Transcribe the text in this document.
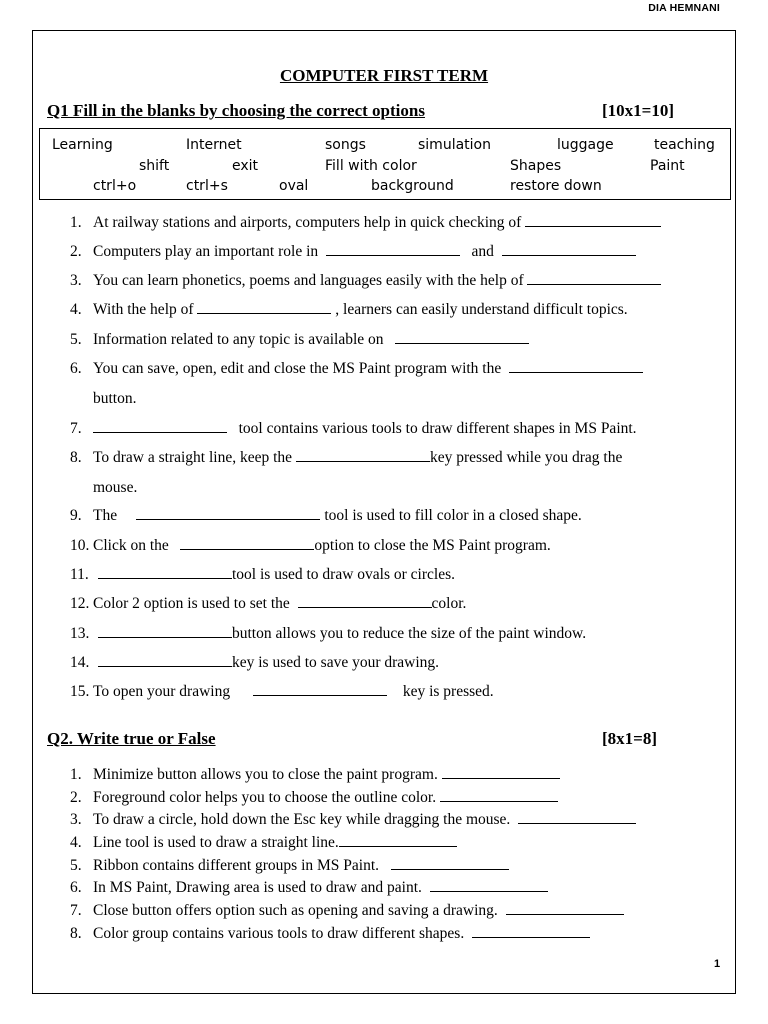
DIA HEMNANI
COMPUTER FIRST TERM
Q1 Fill in the blanks by choosing the correct options	[10x1=10]
Learning	Internet	songs	simulation	luggage	teaching
shift	exit	Fill with color	Shapes	Paint
ctrl+o	ctrl+s	oval	background	restore down
1. At railway stations and airports, computers help in quick checking of
2. Computers play an important role in	and
3. You can learn phonetics, poems and languages easily with the help of
4. With the help of	, learners can easily understand difficult topics.
5. Information related to any topic is available on
6. You can save, open, edit and close the MS Paint program with the
button.
7.	tool contains various tools to draw different shapes in MS Paint.
8. To draw a straight line, keep the	key pressed while you drag the
mouse.
9. The	tool is used to fill color in a closed shape.
10. Click on the	option to close the MS Paint program.
11.	tool is used to draw ovals or circles.
12. Color 2 option is used to set the	color.
13.	button allows you to reduce the size of the paint window.
14.	key is used to save your drawing.
15. To open your drawing	key is pressed.
Q2. Write true or False	[8x1=8]
1. Minimize button allows you to close the paint program.
2. Foreground color helps you to choose the outline color.
3. To draw a circle, hold down the Esc key while dragging the mouse.
4. Line tool is used to draw a straight line.
5. Ribbon contains different groups in MS Paint.
6. In MS Paint, Drawing area is used to draw and paint.
7. Close button offers option such as opening and saving a drawing.
8. Color group contains various tools to draw different shapes.
1
